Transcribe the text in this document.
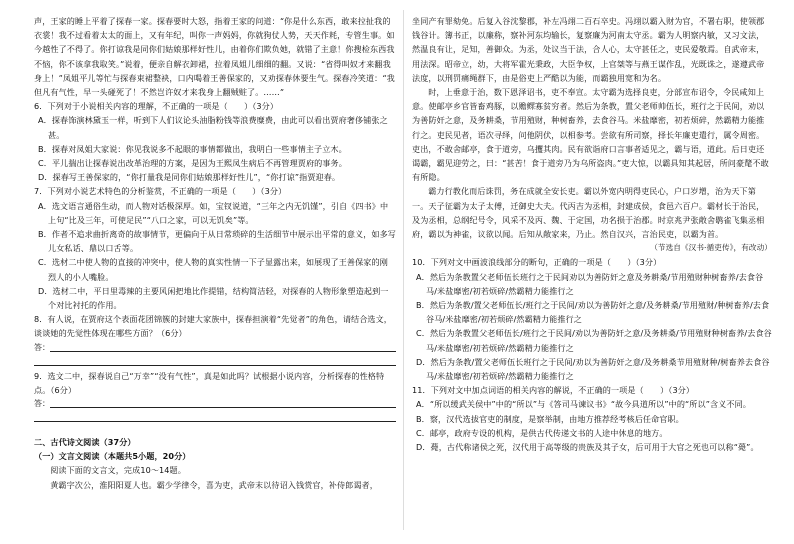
声，王家的睡上平着了探春一家。探春要时大怒，指着王家的问道：“你是什么东西，敢来拉扯我的衣裳！我不过看着太太的面上，又有年纪，叫你一声妈妈，你就狗仗人势，天天作耗，专管生事。如今越性了不得了。你打谅我是同你们姑娘那样好性儿，由着你们欺负她，就错了主意！你搜检东西我不恼，你不该拿我取笑。”说着，便亲自解衣卸裙，拉着凤姐儿细细的翻。又说：“省得叫奴才来翻我身上！”凤姐平儿等忙与探春束裙整袂，口内喝着王善保家的，又劝探春休要生气。探春冷笑道：“我但凡有气性，早一头碰死了！不然岂许奴才来我身上翻贼赃了。……”

6．下列对于小说相关内容的理解，不正确的一项是（　　）（3分）

A．探春饰演林黛玉一样，听到下人们议论头油脂粉钱等浪费糜费，由此可以看出贾府奢侈铺张之甚。

B．探春对凤姐大家说：你见我说多不起眼的事情都做出，我明白一些事情主子立木。

C．平儿揣出让探春说出改革治理的方案，是因为王熙凤生病后不再管理贾府的事务。

D．探春写王善保家的，“你打量我是同你们姑娘那样好性儿”，“你打谅”指贾迎春。

7．下列对小说艺术特色的分析鉴赏，不正确的一项是（　　）（3分）

A．选文语言通俗生动，而人物对话极深厚。如，宝钗说道，“三年之内无饥馑”，引自《四书》中上句“比及三年，可使足民”“八口之家，可以无饥矣”等。

B．作者不追求曲折离奇的故事情节，更偏向于从日常琐碎的生活细节中展示出平常的意义，如多写儿女私话、鼎以口舌等。

C．选材二中使人物的直接的冲突中，使人物的真实性情一下子显露出来，如展现了王善保家的刚烈人的小人嘴脸。

D．选材二中，平日里毒辣的主要风闲把地比作提错，结构简洁轻，对探春的人物形象塑造起到一个对比衬托的作用。

8．有人说，在贾府这个表面花团锦簇的封建大家族中，探春担演着“先觉者”的角色，请结合选文，谈谈她的先觉性体现在哪些方面？（6分）

答：

9．选文二中，探春说自己“万幸”“没有气性”，真是如此吗？试根据小说内容，分析探春的性格特点。（6分）

答：

二、古代诗文阅读（37分）

（一）文言文阅读（本题共5小题，20分）

阅读下面的文言文，完成10～14题。

黄霸字次公，淮阳阳夏人也。霸少学律令，喜为吏，武帝末以待诏入钱赏官，补侍郎谒者，

坐同产有罪劾免。后复入谷沈黎郡，补左冯翊二百石卒史。冯翊以霸入财为官，不署右职，使领郡钱谷计。簿书正，以廉称，察补河东均输长，复察廉为河南太守丞。霸为人明察内敏，又习文法，然温良有让，足知，善御众。为丞，处议当于法，合人心，太守甚任之，吏民爱敬焉。自武帝末，用法深。昭帝立，幼，大将军霍光秉政，大臣争权，上官桀等与燕王谋作乱，光既诛之，遂遵武帝法度，以刑罚痛绳群下，由是俗吏上严酷以为能，而霸独用宽和为名。

时，上垂意于治，数下恩泽诏书，吏不奉宣。太守霸为选择良吏，分部宣布诏令，令民咸知上意。使邮亭乡官皆畜鸡豚，以赡鳏寡贫穷者。然后为条教，置父老师帅伍长，班行之于民间，劝以为善防奸之意，及务耕桑，节用殖财，种树畜养，去食谷马。米盐靡密，初若烦碎，然霸精力能推行之。吏民见者，语次寻绎，问他阴伏，以相参考。尝欲有所司察，择长年廉吏遣行，属令周密。吏出，不敢舍邮亭，食于道旁，乌攫其肉。民有欲诣府口言事者适见之，霸与语，道此。后日吏还谒霸，霸见迎劳之，曰：“甚苦！食于道旁乃为乌所盗肉。”吏大惊，以霸具知其起居，所问豪氂不敢有所隐。

霸力行教化而后诛罚，务在成就全安长吏。霸以外宽内明得吏民心，户口岁增，治为天下第一。天子征霸为太子太傅，迁御史大夫。代丙吉为丞相，封建成侯，食邑六百户。霸材长于治民，及为丞相，总纲纪号令，风采不及丙、魏、于定国，功名损于治郡。时京兆尹张敞舍鹖雀飞集丞相府，霸以为神雀，议欲以闻。后知从敞家来，乃止。然自汉兴，言治民吏，以霸为首。

（节选自《汉书·循吏传》，有改动）

10．下列对文中画波浪线部分的断句，正确的一项是（　　）（3分）

A．然后为条教置父老师伍长班行之于民间劝以为善防奸之意及务耕桑/节用殖财种树畜养/去食谷马/米盐靡密/初若烦碎/然霸精力能推行之

B．然后为条教/置父老师伍长/班行之于民间/劝以为善防奸之意/及务耕桑/节用殖财/种树畜养/去食谷马/米盐靡密/初若烦碎/然霸精力能推行之

C．然后为条教置父老师伍长/班行之于民间/劝以为善防奸之意/及务耕桑/节用殖财种树畜养/去食谷马/米盐靡密/初若烦碎/然霸精力能推行之

D．然后为条教/置父老师伍长班行之于民间/劝以为善防奸之意/及务耕桑节用殖财种/树畜养去食谷马/米盐靡密/初若烦碎/然霸精力能推行之

11．下列对文中加点词语的相关内容的解说，不正确的一项是（　　）（3分）

A．“所以缓武关侯中”中的“所以”与《答司马谏议书》“故今具道所以”中的“所以”含义不同。

B．察，汉代选拔官吏的制度，是察举制，由地方推荐经考核后任命官职。

C．邮亭，政府专设的机构，是供古代传递文书的人途中休息的地方。

D．薨，古代称诸侯之死，汉代用于高等级的贵族及其子女，后可用于大官之死也可以称“薨”。
